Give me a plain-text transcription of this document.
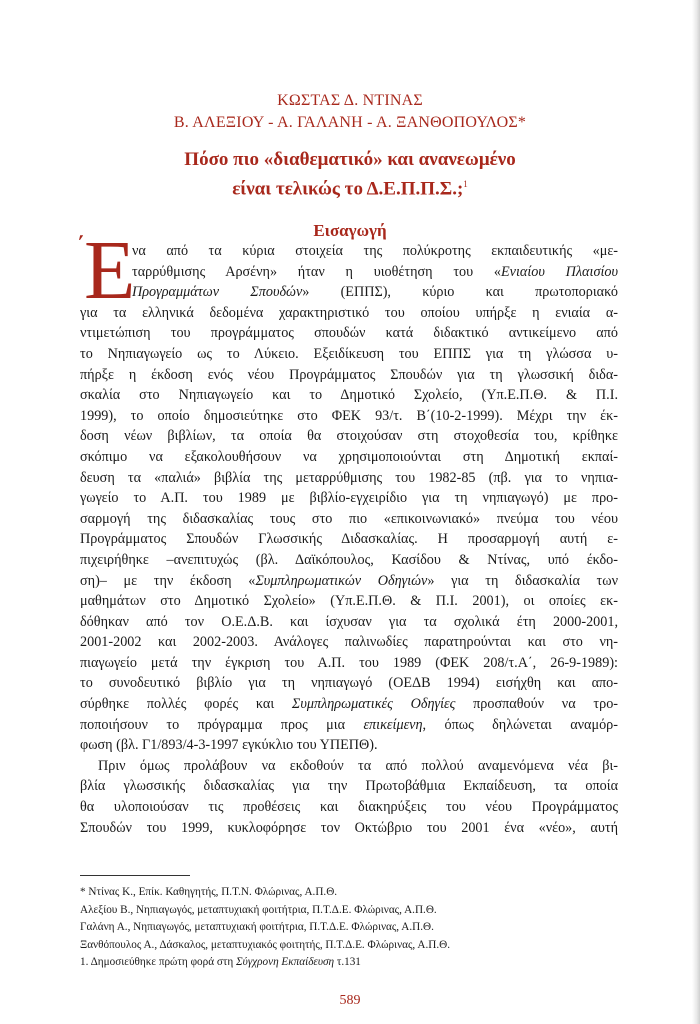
ΚΩΣΤΑΣ Δ. ΝΤΙΝΑΣ
Β. ΑΛΕΞΙΟΥ - Α. ΓΑΛΑΝΗ - Α. ΞΑΝΘΟΠΟΥΛΟΣ*
Πόσο πιο «διαθεματικό» και ανανεωμένο
είναι τελικώς το Δ.Ε.Π.Π.Σ.;$^1$
Εισαγωγή
΄
Ε
να από τα κύρια στοιχεία της πολύκροτης εκπαιδευτικής «με-
ταρρύθμισης Αρσένη» ήταν η υιοθέτηση του «Ενιαίου Πλαισίου
Προγραμμάτων Σπουδών» (ΕΠΠΣ), κύριο και πρωτοποριακό
για τα ελληνικά δεδομένα χαρακτηριστικό του οποίου υπήρξε η ενιαία α-
ντιμετώπιση του προγράμματος σπουδών κατά διδακτικό αντικείμενο από
το Νηπιαγωγείο ως το Λύκειο. Εξειδίκευση του ΕΠΠΣ για τη γλώσσα υ-
πήρξε η έκδοση ενός νέου Προγράμματος Σπουδών για τη γλωσσική διδα-
σκαλία στο Νηπιαγωγείο και το Δημοτικό Σχολείο, (Υπ.Ε.Π.Θ. & Π.Ι.
1999), το οποίο δημοσιεύτηκε στο ΦΕΚ 93/τ. Β΄(10-2-1999). Μέχρι την έκ-
δοση νέων βιβλίων, τα οποία θα στοιχούσαν στη στοχοθεσία του, κρίθηκε
σκόπιμο να εξακολουθήσουν να χρησιμοποιούνται στη Δημοτική εκπαί-
δευση τα «παλιά» βιβλία της μεταρρύθμισης του 1982-85 (πβ. για το νηπια-
γωγείο το Α.Π. του 1989 με βιβλίο-εγχειρίδιο για τη νηπιαγωγό) με προ-
σαρμογή της διδασκαλίας τους στο πιο «επικοινωνιακό» πνεύμα του νέου
Προγράμματος Σπουδών Γλωσσικής Διδασκαλίας. Η προσαρμογή αυτή ε-
πιχειρήθηκε –ανεπιτυχώς (βλ. Δαϊκόπουλος, Κασίδου & Ντίνας, υπό έκδο-
ση)– με την έκδοση «Συμπληρωματικών Οδηγιών» για τη διδασκαλία των
μαθημάτων στο Δημοτικό Σχολείο» (Υπ.Ε.Π.Θ. & Π.Ι. 2001), οι οποίες εκ-
δόθηκαν από τον Ο.Ε.Δ.Β. και ίσχυσαν για τα σχολικά έτη 2000-2001,
2001-2002 και 2002-2003. Ανάλογες παλινωδίες παρατηρούνται και στο νη-
πιαγωγείο μετά την έγκριση του Α.Π. του 1989 (ΦΕΚ 208/τ.Α΄, 26-9-1989):
το συνοδευτικό βιβλίο για τη νηπιαγωγό (ΟΕΔΒ 1994) εισήχθη και απο-
σύρθηκε πολλές φορές και Συμπληρωματικές Οδηγίες προσπαθούν να τρο-
ποποιήσουν το πρόγραμμα προς μια επικείμενη, όπως δηλώνεται αναμόρ-
φωση (βλ. Γ1/893/4-3-1997 εγκύκλιο του ΥΠΕΠΘ).
Πριν όμως προλάβουν να εκδοθούν τα από πολλού αναμενόμενα νέα βι-
βλία γλωσσικής διδασκαλίας για την Πρωτοβάθμια Εκπαίδευση, τα οποία
θα υλοποιούσαν τις προθέσεις και διακηρύξεις του νέου Προγράμματος
Σπουδών του 1999, κυκλοφόρησε τον Οκτώβριο του 2001 ένα «νέο», αυτή
* Ντίνας Κ., Επίκ. Καθηγητής, Π.Τ.Ν. Φλώρινας, Α.Π.Θ.
Αλεξίου Β., Νηπιαγωγός, μεταπτυχιακή φοιτήτρια, Π.Τ.Δ.Ε. Φλώρινας, Α.Π.Θ.
Γαλάνη Α., Νηπιαγωγός, μεταπτυχιακή φοιτήτρια, Π.Τ.Δ.Ε. Φλώρινας, Α.Π.Θ.
Ξανθόπουλος Α., Δάσκαλος, μεταπτυχιακός φοιτητής, Π.Τ.Δ.Ε. Φλώρινας, Α.Π.Θ.
1. Δημοσιεύθηκε πρώτη φορά στη Σύγχρονη Εκπαίδευση τ.131
589
